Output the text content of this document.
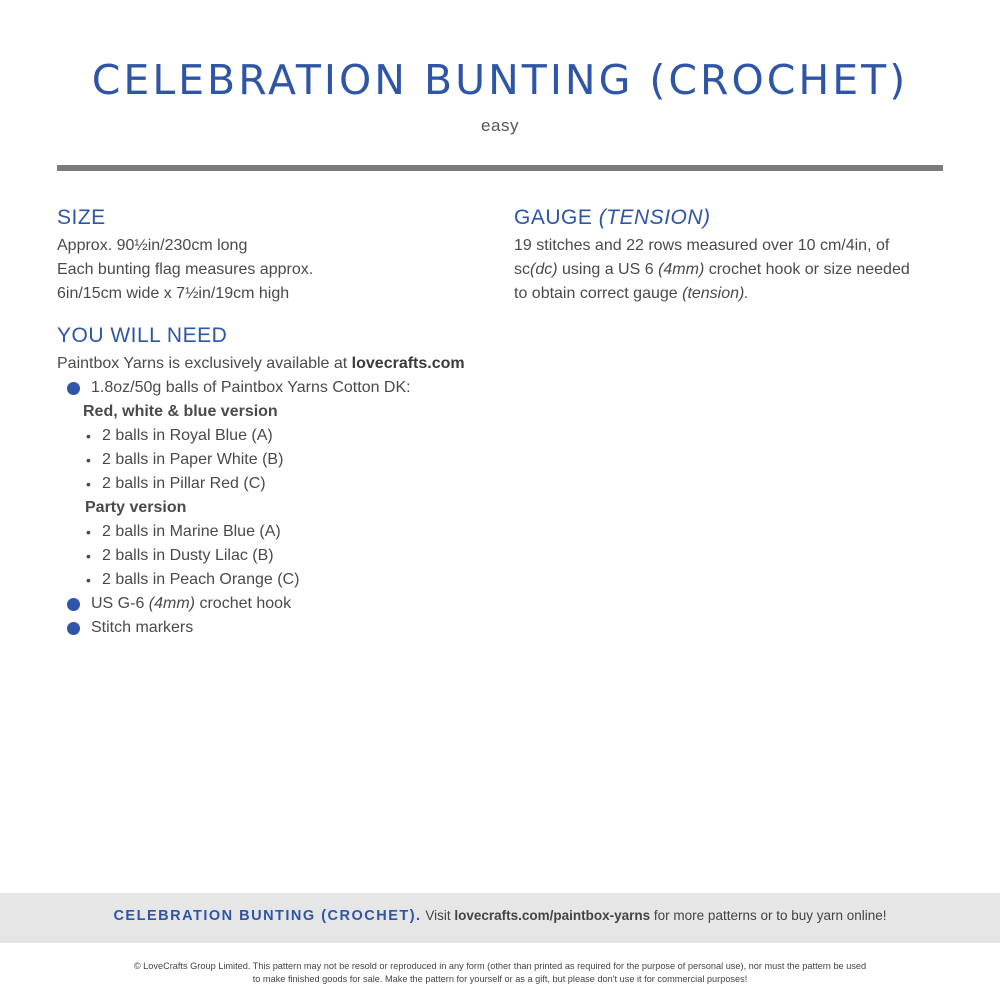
CELEBRATION BUNTING (CROCHET)
easy
SIZE
Approx. 90½in/230cm long
Each bunting flag measures approx.
6in/15cm wide x 7½in/19cm high
YOU WILL NEED
Paintbox Yarns is exclusively available at lovecrafts.com
1.8oz/50g balls of Paintbox Yarns Cotton DK:
Red, white & blue version
• 2 balls in Royal Blue (A)
• 2 balls in Paper White (B)
• 2 balls in Pillar Red (C)
Party version
• 2 balls in Marine Blue (A)
• 2 balls in Dusty Lilac (B)
• 2 balls in Peach Orange (C)
US G-6 (4mm) crochet hook
Stitch markers
GAUGE (TENSION)
19 stitches and 22 rows measured over 10 cm/4in, of
sc(dc) using a US 6 (4mm) crochet hook or size needed
to obtain correct gauge (tension).
CELEBRATION BUNTING (CROCHET). Visit lovecrafts.com/paintbox-yarns for more patterns or to buy yarn online!
© LoveCrafts Group Limited. This pattern may not be resold or reproduced in any form (other than printed as required for the purpose of personal use), nor must the pattern be used
to make finished goods for sale. Make the pattern for yourself or as a gift, but please don't use it for commercial purposes!
